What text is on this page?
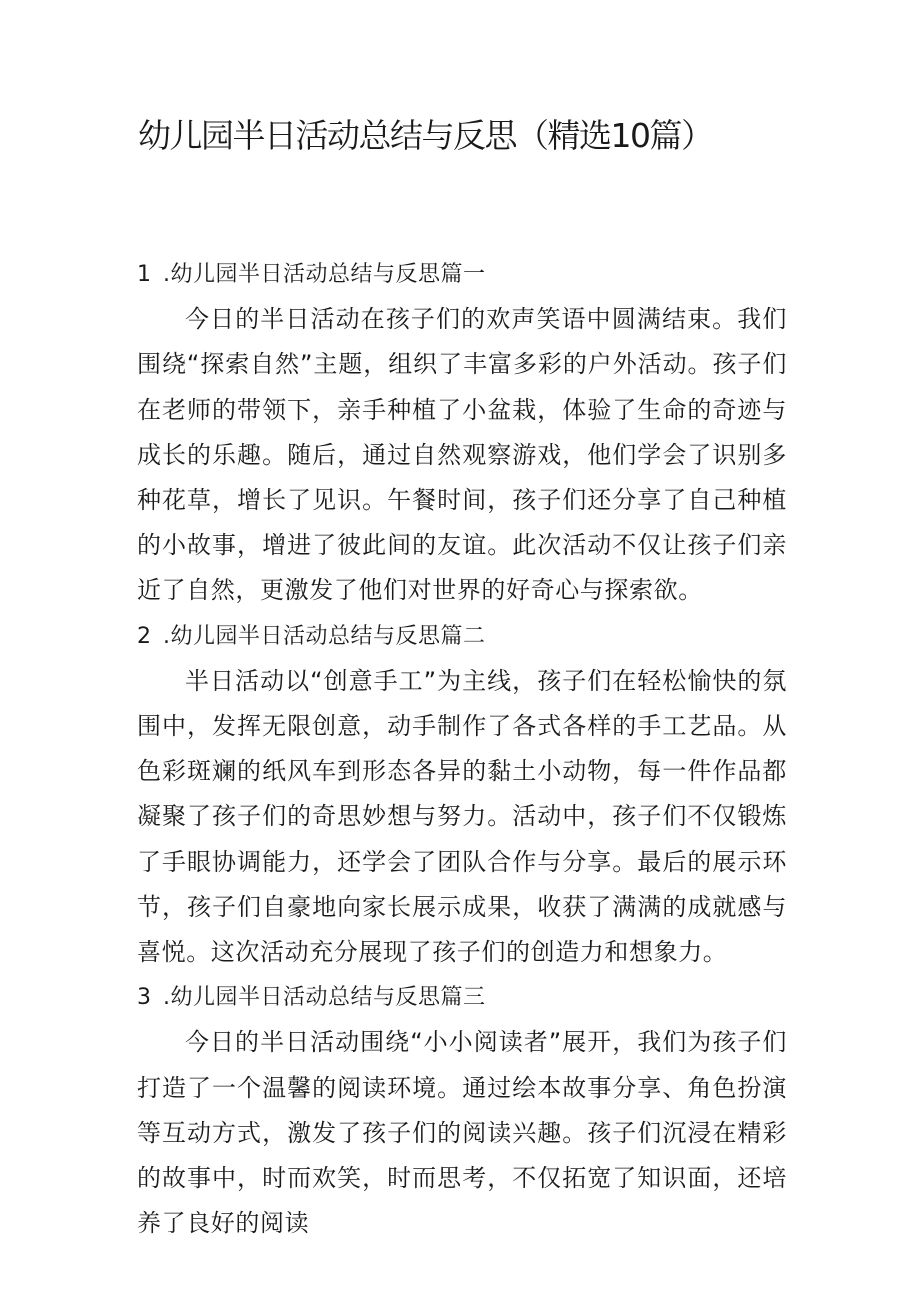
幼儿园半日活动总结与反思（精选10篇）
1 .幼儿园半日活动总结与反思篇一

今日的半日活动在孩子们的欢声笑语中圆满结束。我们围绕“探索自然”主题，组织了丰富多彩的户外活动。孩子们在老师的带领下，亲手种植了小盆栽，体验了生命的奇迹与成长的乐趣。随后，通过自然观察游戏，他们学会了识别多种花草，增长了见识。午餐时间，孩子们还分享了自己种植的小故事，增进了彼此间的友谊。此次活动不仅让孩子们亲近了自然，更激发了他们对世界的好奇心与探索欲。

2 .幼儿园半日活动总结与反思篇二

半日活动以“创意手工”为主线，孩子们在轻松愉快的氛围中，发挥无限创意，动手制作了各式各样的手工艺品。从色彩斑斓的纸风车到形态各异的黏土小动物，每一件作品都凝聚了孩子们的奇思妙想与努力。活动中，孩子们不仅锻炼了手眼协调能力，还学会了团队合作与分享。最后的展示环节，孩子们自豪地向家长展示成果，收获了满满的成就感与喜悦。这次活动充分展现了孩子们的创造力和想象力。

3 .幼儿园半日活动总结与反思篇三

今日的半日活动围绕“小小阅读者”展开，我们为孩子们打造了一个温馨的阅读环境。通过绘本故事分享、角色扮演等互动方式，激发了孩子们的阅读兴趣。孩子们沉浸在精彩的故事中，时而欢笑，时而思考，不仅拓宽了知识面，还培养了良好的阅读
